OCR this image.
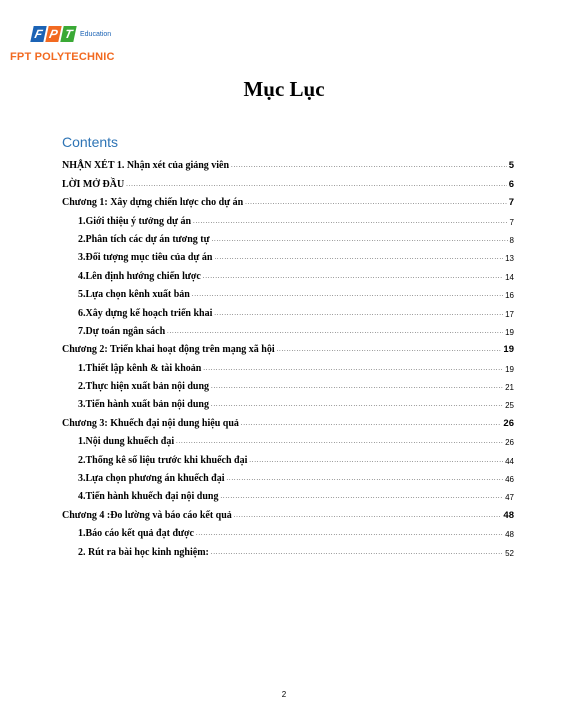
F P T Education
FPT POLYTECHNIC
Mục Lục
Contents
NHẬN XÉT 1. Nhận xét của giảng viên .....	5
LỜI MỞ ĐẦU .....	6
Chương 1: Xây dựng chiến lược cho dự án .....	7
1.Giới thiệu ý tưởng dự án .....	7
2.Phân tích các dự án tương tự .....	8
3.Đối tượng mục tiêu của dự án .....	13
4.Lên định hướng chiến lược .....	14
5.Lựa chọn kênh xuất bản .....	16
6.Xây dựng kế hoạch triển khai .....	17
7.Dự toán ngân sách .....	19
Chương 2: Triển khai hoạt động trên mạng xã hội .....	19
1.Thiết lập kênh & tài khoản .....	19
2.Thực hiện xuất bản nội dung .....	21
3.Tiến hành xuất bản nội dung .....	25
Chương 3: Khuếch đại nội dung hiệu quả .....	26
1.Nội dung khuếch đại .....	26
2.Thống kê số liệu trước khi khuếch đại .....	44
3.Lựa chọn phương án khuếch đại .....	46
4.Tiến hành khuếch đại nội dung .....	47
Chương 4 :Đo lường và báo cáo kết quả .....	48
1.Báo cáo kết quả đạt được .....	48
2. Rút ra bài học kinh nghiệm: .....	52
2
